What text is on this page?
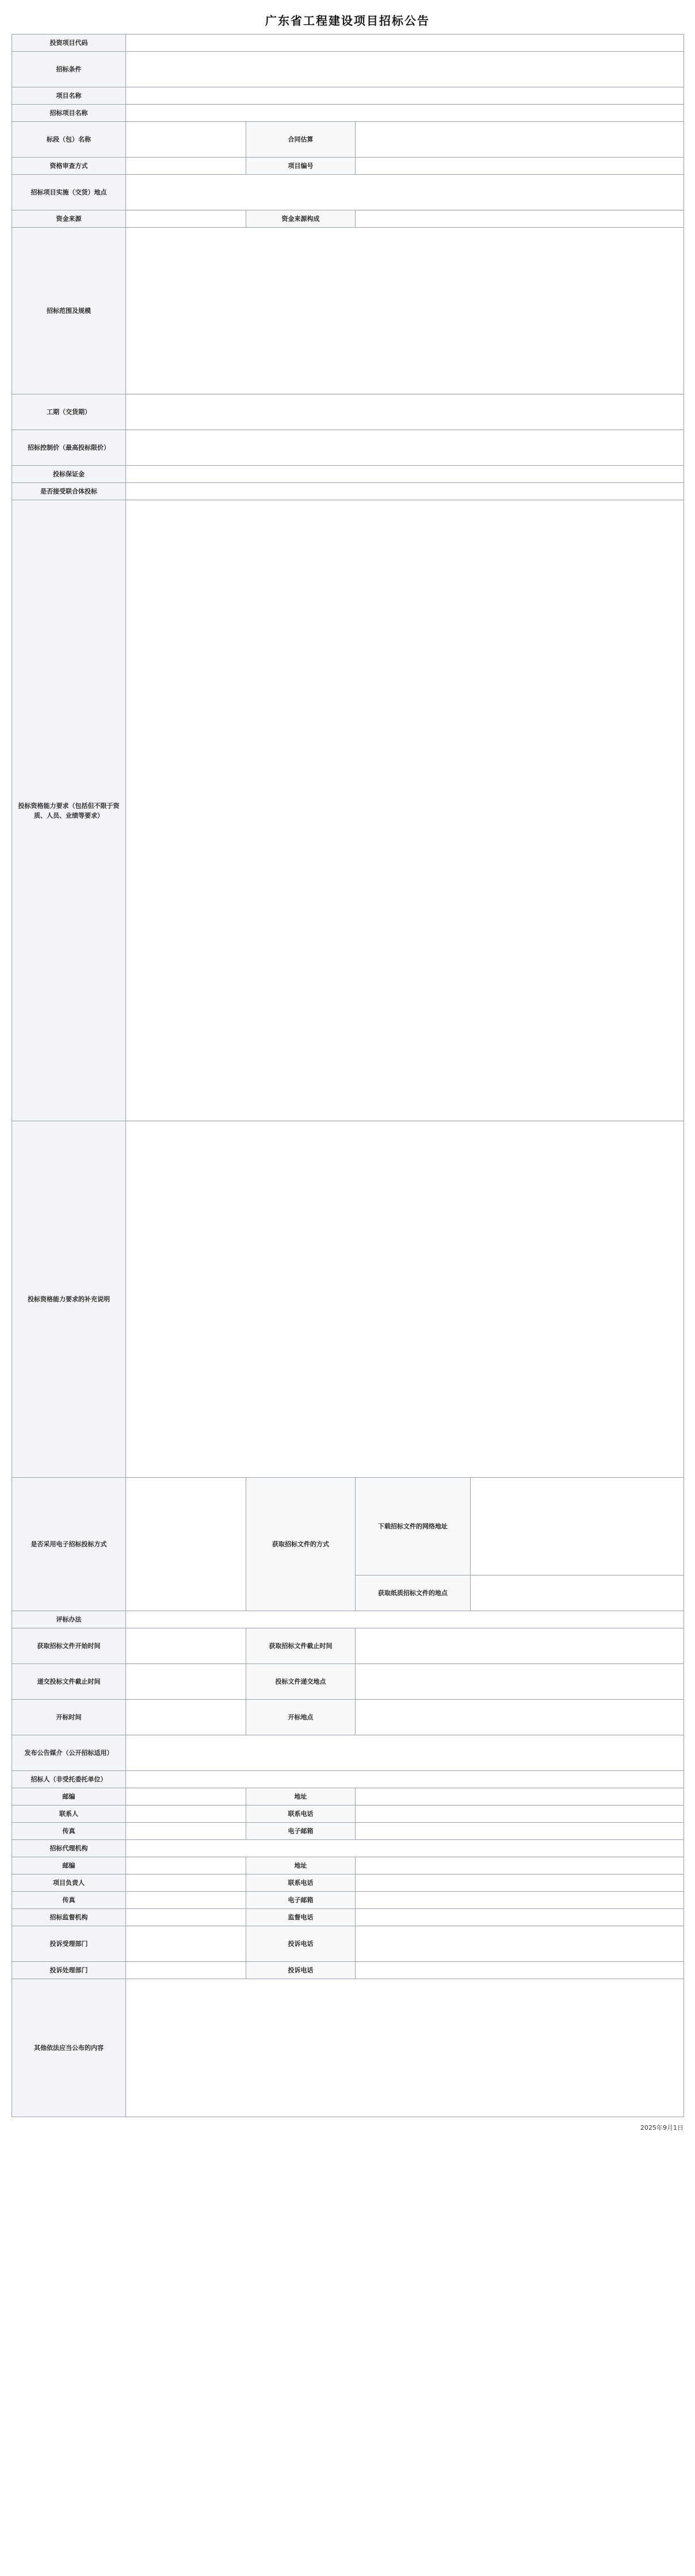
广东省工程建设项目招标公告
投资项目代码				
招标条件				
项目名称				
招标项目名称				
标段（包）名称		合同估算		
资格审查方式		项目编号		
招标项目实施（交货）地点				
资金来源		资金来源构成		
招标范围及规模				
工期（交货期）				
招标控制价（最高投标限价）				
投标保证金				
是否接受联合体投标				
投标资格能力要求（包括但不限于资质、人员、业绩等要求）				
投标资格能力要求的补充说明				
是否采用电子招标投标方式		获取招标文件的方式	下载招标文件的网络地址	
			获取纸质招标文件的地点	
评标办法				
获取招标文件开始时间		获取招标文件截止时间		
递交投标文件截止时间		投标文件递交地点		
开标时间		开标地点		
发布公告媒介（公开招标适用）				
招标人（非受托委托单位）				
邮编		地址		
联系人		联系电话		
传真		电子邮箱		
招标代理机构				
邮编		地址		
项目负责人		联系电话		
传真		电子邮箱		
招标监督机构		监督电话		
投诉受理部门		投诉电话		
投诉处理部门		投诉电话		
其他依法应当公布的内容				
2025年9月1日
